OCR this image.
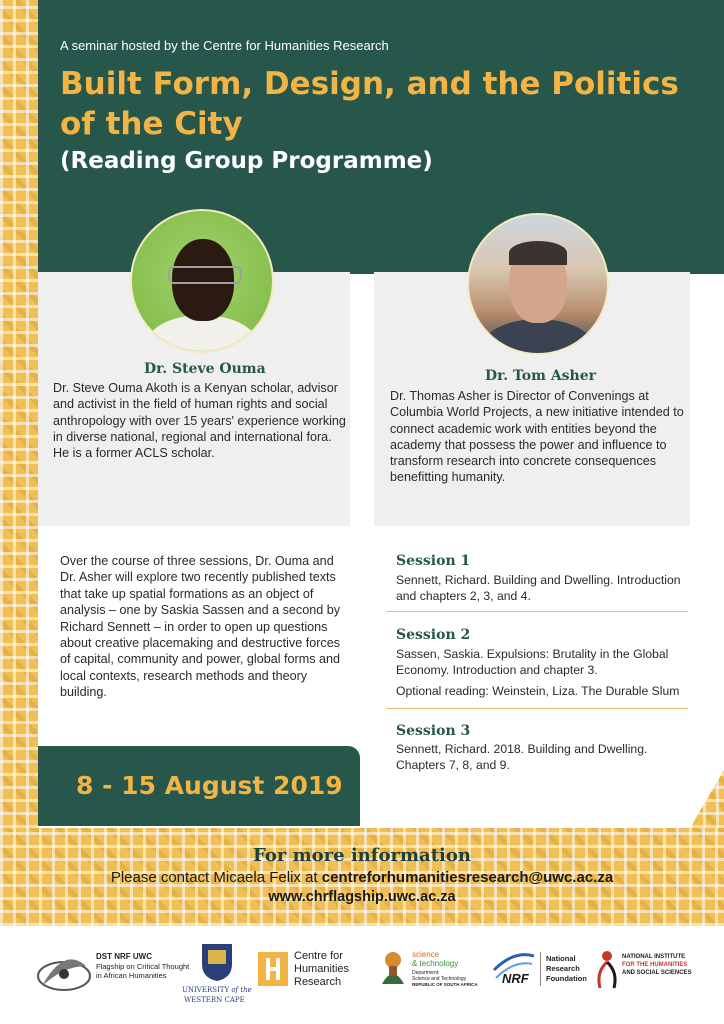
A seminar hosted by the Centre for Humanities Research
Built Form, Design, and the Politics of the City
(Reading Group Programme)
Dr. Steve Ouma
Dr. Steve Ouma Akoth is a Kenyan scholar, advisor and activist in the field of human rights and social anthropology with over 15 years' experience working in diverse national, regional and international fora. He is a former ACLS scholar.
Dr. Tom Asher
Dr. Thomas Asher is Director of Convenings at Columbia World Projects, a new initiative intended to connect academic work with entities beyond the academy that possess the power and influence to transform research into concrete consequences benefitting humanity.
Over the course of three sessions, Dr. Ouma and Dr. Asher will explore two recently published texts that take up spatial formations as an object of analysis – one by Saskia Sassen and a second by Richard Sennett – in order to open up questions about creative placemaking and destructive forces of capital, community and power, global forms and local contexts, research methods and theory building.
Session 1
Sennett, Richard. Building and Dwelling. Introduction and chapters 2, 3, and 4.
Session 2
Sassen, Saskia. Expulsions: Brutality in the Global Economy. Introduction and chapter 3.
Optional reading: Weinstein, Liza. The Durable Slum
Session 3
Sennett, Richard. 2018. Building and Dwelling. Chapters 7, 8, and 9.
8 - 15 August 2019
For more information
Please contact Micaela Felix at centreforhumanitiesresearch@uwc.ac.za
www.chrflagship.uwc.ac.za
DST NRF UWC
Flagship on Critical Thought
in African Humanities
UNIVERSITY of the
WESTERN CAPE
Centre for
Humanities
Research
science
& technology
Department:
Science and Technology
REPUBLIC OF SOUTH AFRICA NRF
National
Research
Foundation
NATIONAL INSTITUTE
FOR THE HUMANITIES
AND SOCIAL SCIENCES
